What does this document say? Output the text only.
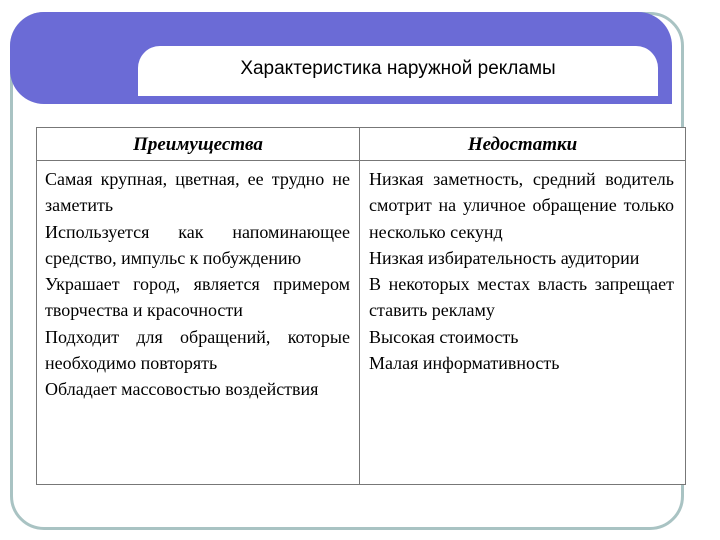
Характеристика наружной рекламы
Преимущества	Недостатки
Самая крупная, цветная, ее трудно не заметить
Используется как напоминающее средство, импульс к побуждению
Украшает город, является примером творчества и красочности
Подходит для обращений, которые необходимо повторять
Обладает массовостью воздействия
Низкая заметность, средний водитель смотрит на уличное обращение только несколько секунд
Низкая избирательность аудитории
В некоторых местах власть запрещает ставить рекламу
Высокая стоимость
Малая информативность
